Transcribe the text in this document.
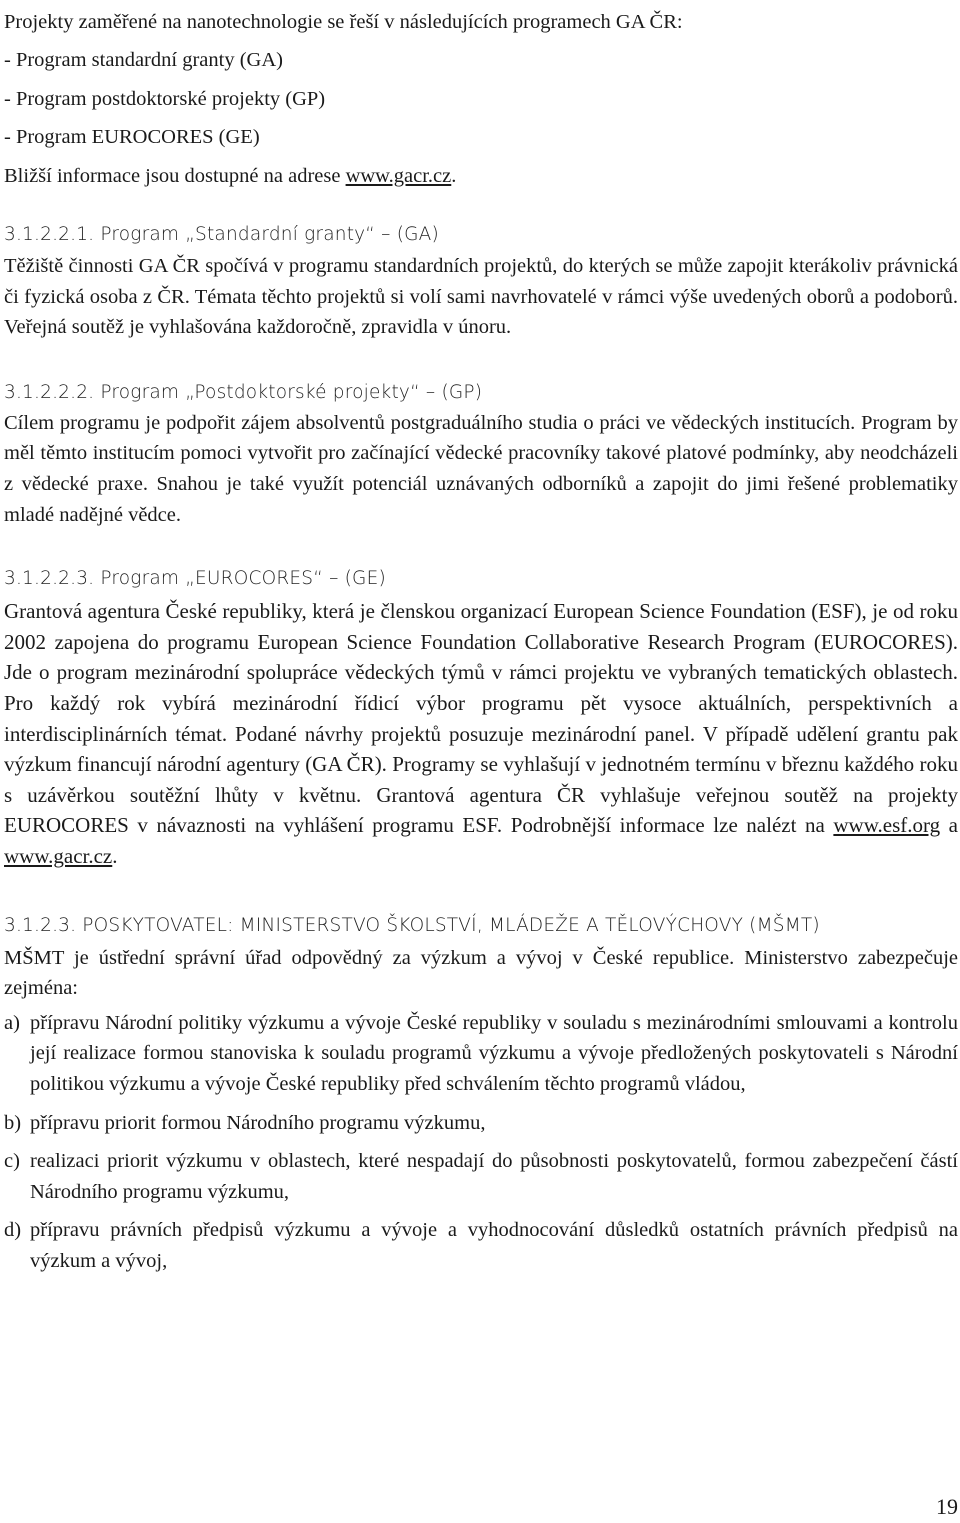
Projekty zaměřené na nanotechnologie se řeší v následujících programech GA ČR:
- Program standardní granty (GA)
- Program postdoktorské projekty (GP)
- Program EUROCORES (GE)
Bližší informace jsou dostupné na adrese www.gacr.cz.
3.1.2.2.1. Program „Standardní granty“ – (GA)

Těžiště činnosti GA ČR spočívá v programu standardních projektů, do kterých se může zapojit kterákoliv právnická či fyzická osoba z ČR. Témata těchto projektů si volí sami navrhovatelé v rámci výše uvedených oborů a podoborů. Veřejná soutěž je vyhlašována každoročně, zpravidla v únoru.

3.1.2.2.2. Program „Postdoktorské projekty“ – (GP)

Cílem programu je podpořit zájem absolventů postgraduálního studia o práci ve vědeckých institucích. Program by měl těmto institucím pomoci vytvořit pro začínající vědecké pracovníky takové platové podmínky, aby neodcházeli z vědecké praxe. Snahou je také využít potenciál uznávaných odborníků a zapojit do jimi řešené problematiky mladé nadějné vědce.

3.1.2.2.3. Program „EUROCORES“ – (GE)

Grantová agentura České republiky, která je členskou organizací European Science Foundation (ESF), je od roku 2002 zapojena do programu European Science Foundation Collaborative Research Program (EUROCORES). Jde o program mezinárodní spolupráce vědeckých týmů v rámci projektu ve vybraných tematických oblastech. Pro každý rok vybírá mezinárodní řídicí výbor programu pět vysoce aktuálních, perspektivních a interdisciplinárních témat. Podané návrhy projektů posuzuje mezinárodní panel. V případě udělení grantu pak výzkum financují národní agentury (GA ČR). Programy se vyhlašují v jednotném termínu v březnu každého roku s uzávěrkou soutěžní lhůty v květnu. Grantová agentura ČR vyhlašuje veřejnou soutěž na projekty EUROCORES v návaznosti na vyhlášení programu ESF. Podrobnější informace lze nalézt na www.esf.org a www.gacr.cz.

3.1.2.3. POSKYTOVATEL: MINISTERSTVO ŠKOLSTVÍ, MLÁDEŽE A TĚLOVÝCHOVY (MŠMT)

MŠMT je ústřední správní úřad odpovědný za výzkum a vývoj v České republice. Ministerstvo zabezpečuje zejména:

a) přípravu Národní politiky výzkumu a vývoje České republiky v souladu s mezinárodními smlouvami a kontrolu její realizace formou stanoviska k souladu programů výzkumu a vývoje předložených poskytovateli s Národní politikou výzkumu a vývoje České republiky před schválením těchto programů vládou,
b) přípravu priorit formou Národního programu výzkumu,
c) realizaci priorit výzkumu v oblastech, které nespadají do působnosti poskytovatelů, formou zabezpečení částí Národního programu výzkumu,
d) přípravu právních předpisů výzkumu a vývoje a vyhodnocování důsledků ostatních právních předpisů na výzkum a vývoj,
19
